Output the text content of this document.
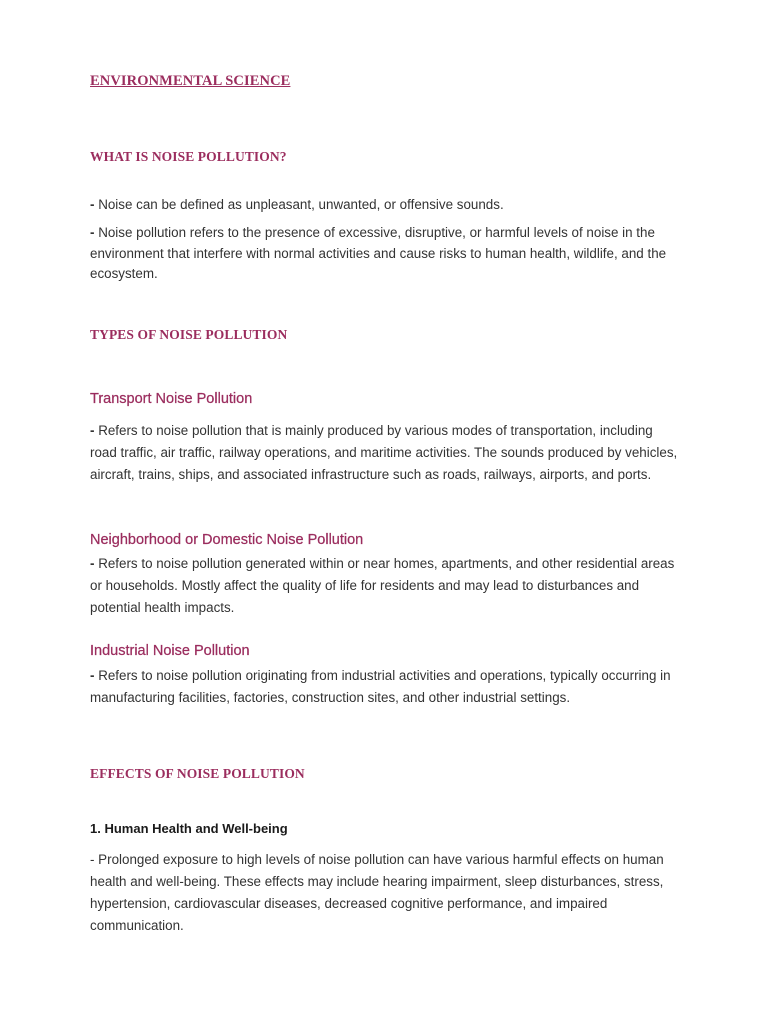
ENVIRONMENTAL SCIENCE
WHAT IS NOISE POLLUTION?

- Noise can be defined as unpleasant, unwanted, or offensive sounds.

- Noise pollution refers to the presence of excessive, disruptive, or harmful levels of noise in the environment that interfere with normal activities and cause risks to human health, wildlife, and the ecosystem.

TYPES OF NOISE POLLUTION
Transport Noise Pollution

- Refers to noise pollution that is mainly produced by various modes of transportation, including road traffic, air traffic, railway operations, and maritime activities. The sounds produced by vehicles, aircraft, trains, ships, and associated infrastructure such as roads, railways, airports, and ports.

Neighborhood or Domestic Noise Pollution

- Refers to noise pollution generated within or near homes, apartments, and other residential areas or households. Mostly affect the quality of life for residents and may lead to disturbances and potential health impacts.

Industrial Noise Pollution

- Refers to noise pollution originating from industrial activities and operations, typically occurring in manufacturing facilities, factories, construction sites, and other industrial settings.

EFFECTS OF NOISE POLLUTION
1. Human Health and Well-being

- Prolonged exposure to high levels of noise pollution can have various harmful effects on human health and well-being. These effects may include hearing impairment, sleep disturbances, stress, hypertension, cardiovascular diseases, decreased cognitive performance, and impaired communication.
